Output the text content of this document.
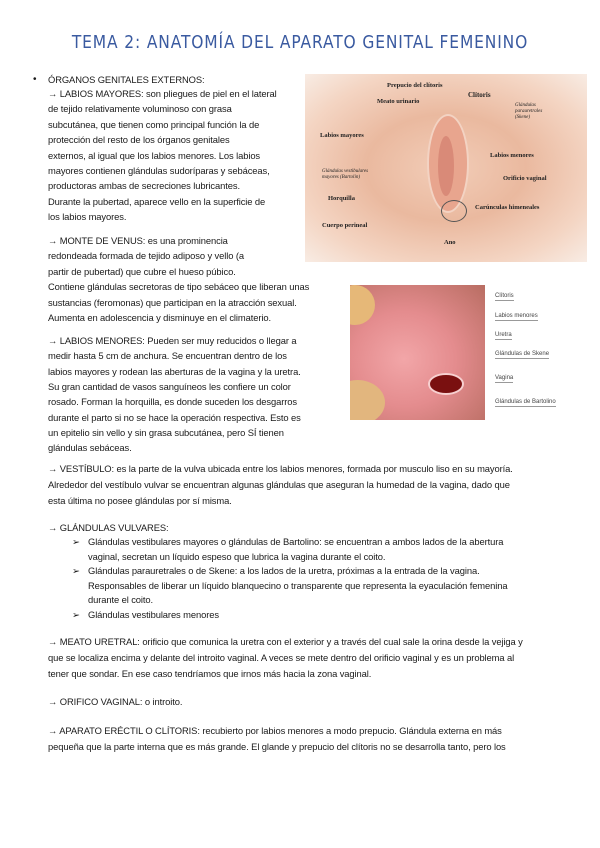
TEMA 2: ANATOMÍA DEL APARATO GENITAL FEMENINO
• ÓRGANOS GENITALES EXTERNOS:
→ LABIOS MAYORES: son pliegues de piel en el lateral
de tejido relativamente voluminoso con grasa
subcutánea, que tienen como principal función la de
protección del resto de los órganos genitales
externos, al igual que los labios menores. Los labios
mayores contienen glándulas sudoríparas y sebáceas,
productoras ambas de secreciones lubricantes.
Durante la pubertad, aparece vello en la superficie de
los labios mayores.
→ MONTE DE VENUS: es una prominencia
redondeada formada de tejido adiposo y vello (a
partir de pubertad) que cubre el hueso púbico.
Contiene glándulas secretoras de tipo sebáceo que liberan unas
sustancias (feromonas) que participan en la atracción sexual.
Aumenta en adolescencia y disminuye en el climaterio.
→ LABIOS MENORES: Pueden ser muy reducidos o llegar a
medir hasta 5 cm de anchura. Se encuentran dentro de los
labios mayores y rodean las aberturas de la vagina y la uretra.
Su gran cantidad de vasos sanguíneos les confiere un color
rosado. Forman la horquilla, es donde suceden los desgarros
durante el parto si no se hace la operación respectiva. Esto es
un epitelio sin vello y sin grasa subcutánea, pero SÍ tienen
glándulas sebáceas.
→ VESTÍBULO: es la parte de la vulva ubicada entre los labios menores, formada por musculo liso en su mayoría.
Alrededor del vestíbulo vulvar se encuentran algunas glándulas que aseguran la humedad de la vagina, dado que
esta última no posee glándulas por sí misma.
→ GLÁNDULAS VULVARES:
➢ Glándulas vestibulares mayores o glándulas de Bartolino: se encuentran a ambos lados de la abertura
vaginal, secretan un líquido espeso que lubrica la vagina durante el coito.
➢ Glándulas parauretrales o de Skene: a los lados de la uretra, próximas a la entrada de la vagina.
Responsables de liberar un líquido blanquecino o transparente que representa la eyaculación femenina
durante el coito.
➢ Glándulas vestibulares menores
→ MEATO URETRAL: orificio que comunica la uretra con el exterior y a través del cual sale la orina desde la vejiga y
que se localiza encima y delante del introito vaginal. A veces se mete dentro del orificio vaginal y es un problema al
tener que sondar. En ese caso tendríamos que irnos más hacia la zona vaginal.
→ ORIFICO VAGINAL: o introito.
→ APARATO ERÉCTIL O CLÍTORIS: recubierto por labios menores a modo prepucio. Glándula externa en más
pequeña que la parte interna que es más grande. El glande y prepucio del clítoris no se desarrolla tanto, pero los
Prepucio del clítoris
Clítoris
Meato urinario
Glándulas parauretrales (Skene)
Labios mayores
Labios menores
Glándulas vestibulares mayores (Bartolin)	Orificio vaginal
Horquilla
Carúnculas himeneales
Cuerpo perineal
Ano
Clítoris
Labios menores
Uretra
Glándulas de Skene
Vagina
Glándulas de Bartolino
